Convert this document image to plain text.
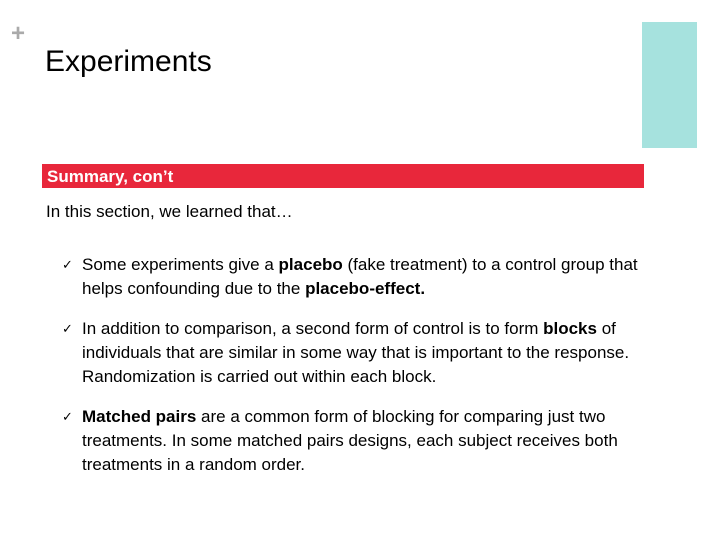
+
Experiments
Summary, con’t
In this section, we learned that…
✓ Some experiments give a placebo (fake treatment) to a control group that helps confounding due to the placebo-effect.
✓ In addition to comparison, a second form of control is to form blocks of individuals that are similar in some way that is important to the response. Randomization is carried out within each block.
✓ Matched pairs are a common form of blocking for comparing just two treatments. In some matched pairs designs, each subject receives both treatments in a random order.
